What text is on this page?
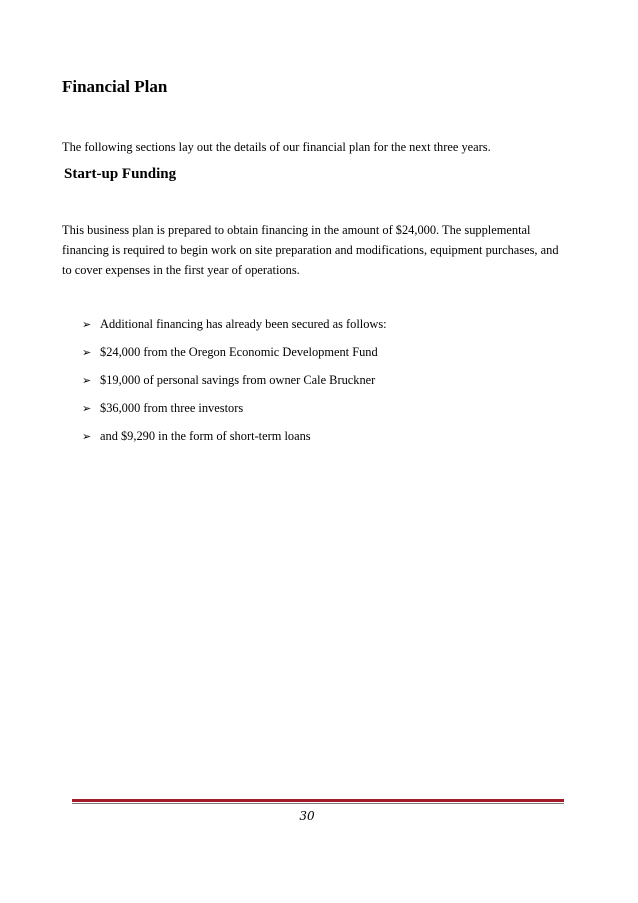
Financial Plan

The following sections lay out the details of our financial plan for the next three years.

Start-up Funding

This business plan is prepared to obtain financing in the amount of $24,000. The supplemental
financing is required to begin work on site preparation and modifications, equipment purchases, and
to cover expenses in the first year of operations.

➢ Additional financing has already been secured as follows:
➢ $24,000 from the Oregon Economic Development Fund
➢ $19,000 of personal savings from owner Cale Bruckner
➢ $36,000 from three investors
➢ and $9,290 in the form of short-term loans
30
